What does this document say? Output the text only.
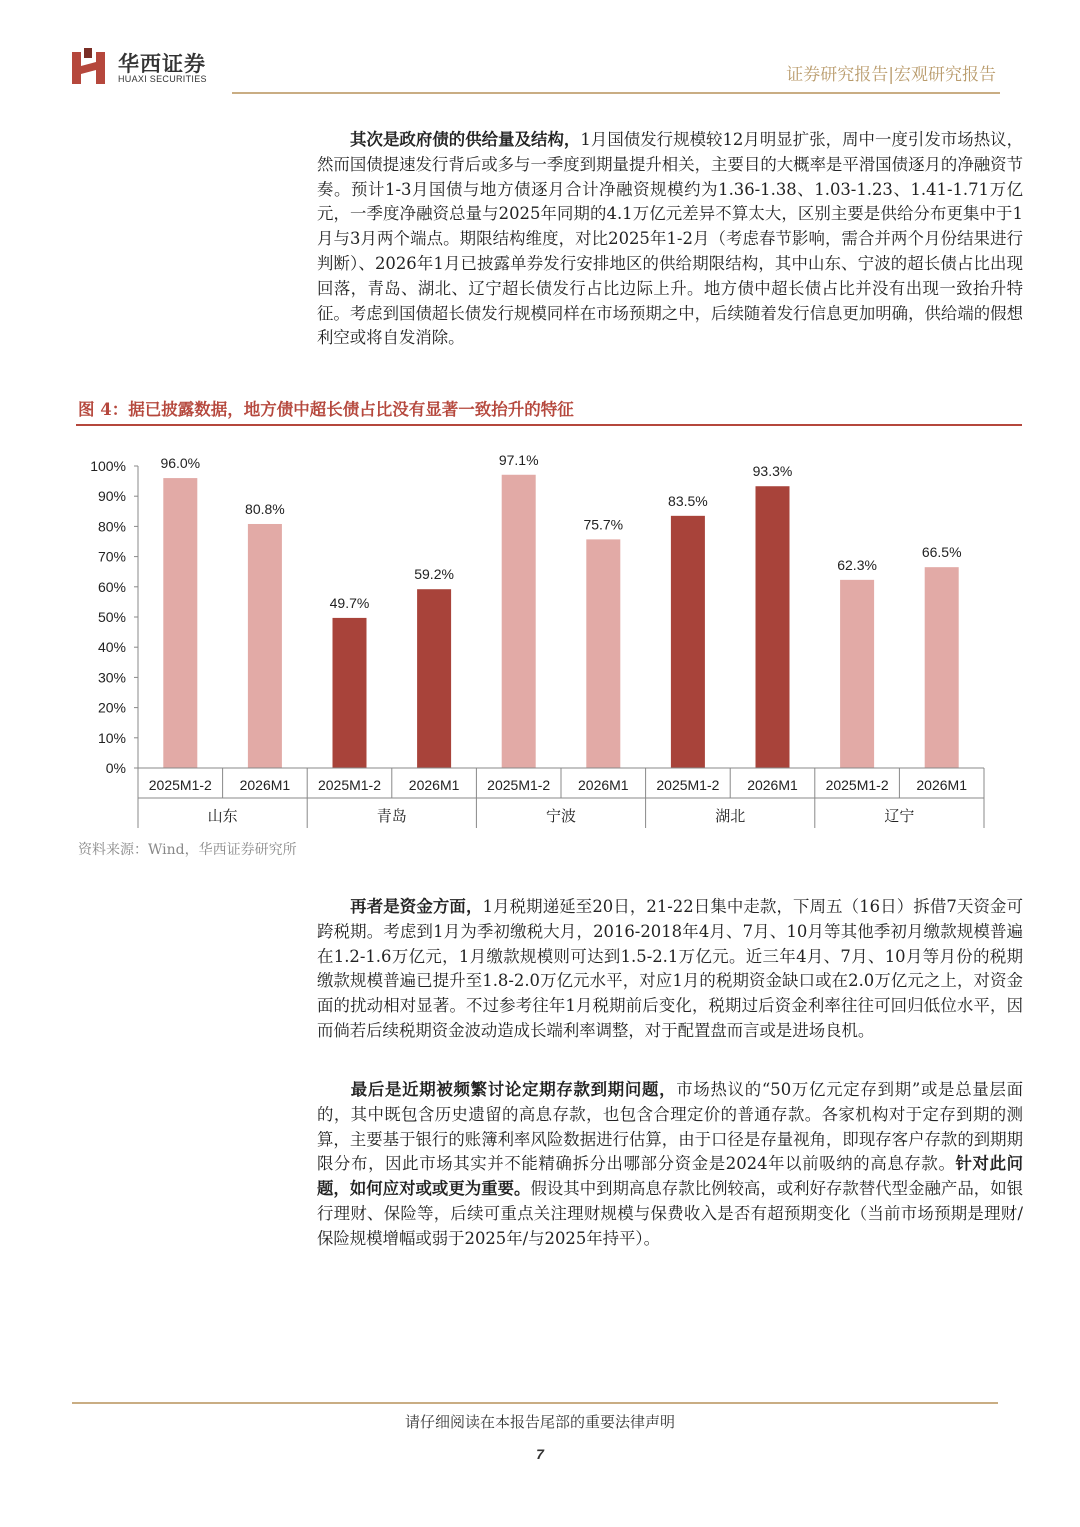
华西证券
HUAXI SECURITIES	证券研究报告|宏观研究报告

其次是政府债的供给量及结构，1月国债发行规模较12月明显扩张，周中一度引发市场热议，然而国债提速发行背后或多与一季度到期量提升相关，主要目的大概率是平滑国债逐月的净融资节奏。预计1-3月国债与地方债逐月合计净融资规模约为1.36-1.38、1.03-1.23、1.41-1.71万亿元，一季度净融资总量与2025年同期的4.1万亿元差异不算太大，区别主要是供给分布更集中于1月与3月两个端点。期限结构维度，对比2025年1-2月（考虑春节影响，需合并两个月份结果进行判断）、2026年1月已披露单券发行安排地区的供给期限结构，其中山东、宁波的超长债占比出现回落，青岛、湖北、辽宁超长债发行占比边际上升。地方债中超长债占比并没有出现一致抬升特征。考虑到国债超长债发行规模同样在市场预期之中，后续随着发行信息更加明确，供给端的假想利空或将自发消除。

图 4：据已披露数据，地方债中超长债占比没有显著一致抬升的特征
0%
10%
20%
30%
40%
50%
60%
70%
80%
90%
100% 96.0%
80.8%
49.7%
59.2%
97.1%
75.7%
83.5%
93.3%
62.3%
66.5%
2025M1-2 2026M1
山东
2025M1-2 2026M1
青岛
2025M1-2 2026M1
宁波
2025M1-2 2026M1
湖北
2025M1-2 2026M1
辽宁
资料来源：Wind，华西证券研究所

再者是资金方面，1月税期递延至20日，21-22日集中走款，下周五（16日）拆借7天资金可跨税期。考虑到1月为季初缴税大月，2016-2018年4月、7月、10月等其他季初月缴款规模普遍在1.2-1.6万亿元，1月缴款规模则可达到1.5-2.1万亿元。近三年4月、7月、10月等月份的税期缴款规模普遍已提升至1.8-2.0万亿元水平，对应1月的税期资金缺口或在2.0万亿元之上，对资金面的扰动相对显著。不过参考往年1月税期前后变化，税期过后资金利率往往可回归低位水平，因而倘若后续税期资金波动造成长端利率调整，对于配置盘而言或是进场良机。

最后是近期被频繁讨论定期存款到期问题，市场热议的“50万亿元定存到期”或是总量层面的，其中既包含历史遗留的高息存款，也包含合理定价的普通存款。各家机构对于定存到期的测算，主要基于银行的账簿利率风险数据进行估算，由于口径是存量视角，即现存客户存款的到期期限分布，因此市场其实并不能精确拆分出哪部分资金是2024年以前吸纳的高息存款。针对此问题，如何应对或或更为重要。假设其中到期高息存款比例较高，或利好存款替代型金融产品，如银行理财、保险等，后续可重点关注理财规模与保费收入是否有超预期变化（当前市场预期是理财/保险规模增幅或弱于2025年/与2025年持平）。

请仔细阅读在本报告尾部的重要法律声明
7
